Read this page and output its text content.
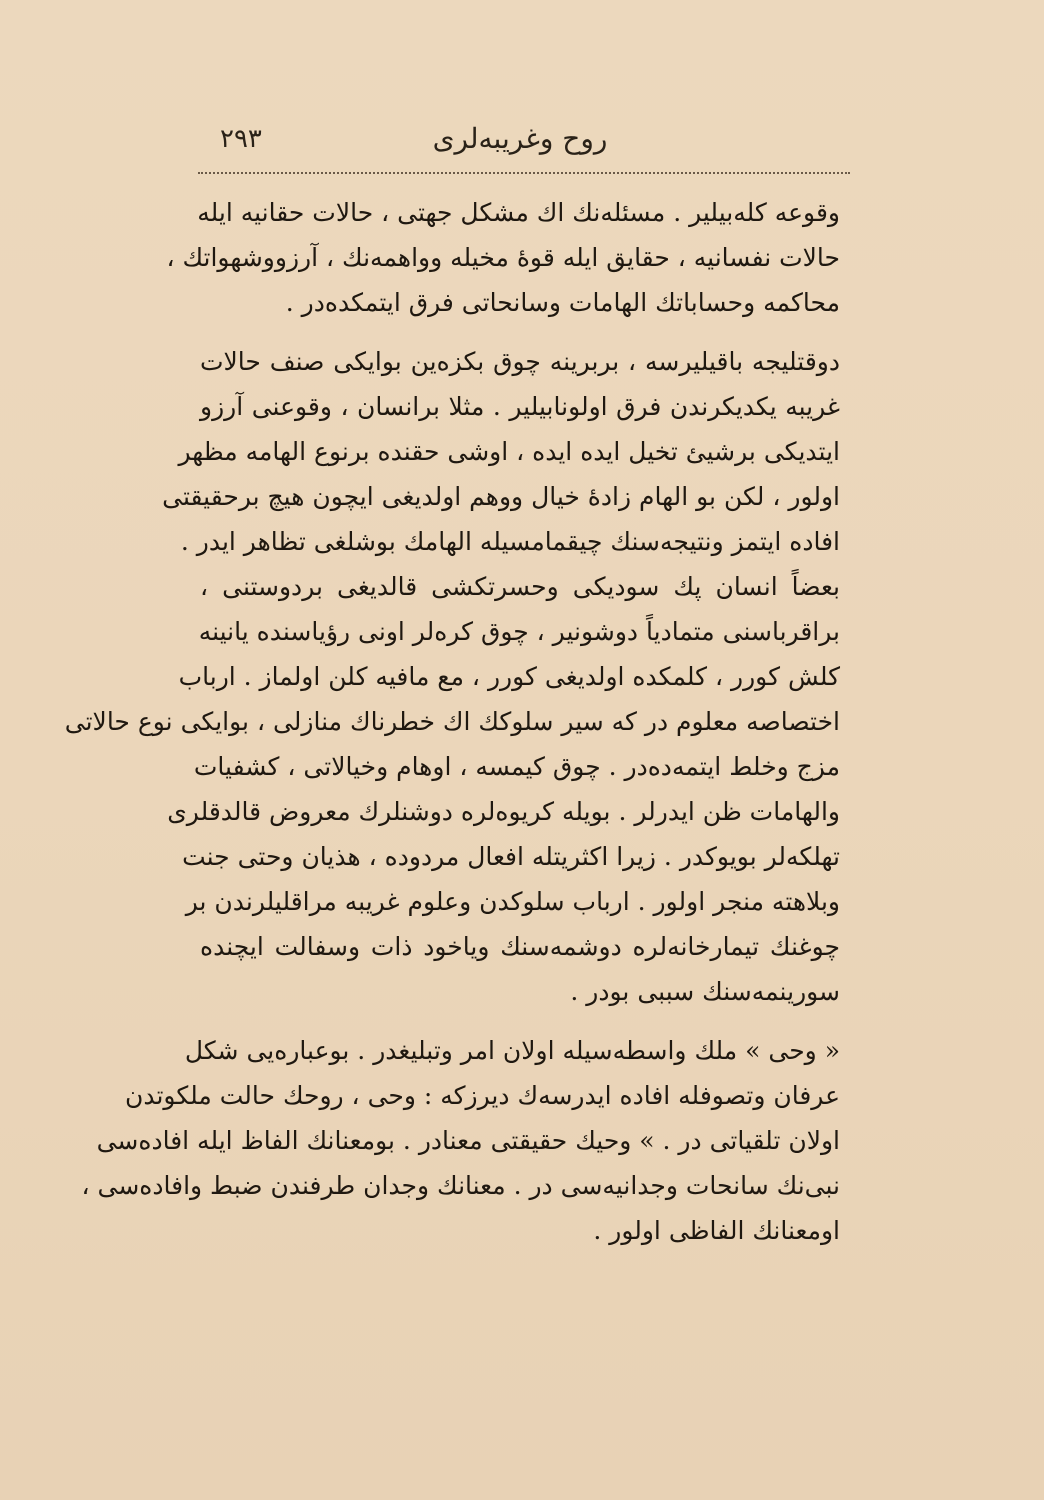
۲۹۳	روح وغریبه‌لری
وقوعه کله‌بیلیر . مسئله‌نك اك مشکل جهتی ، حالات حقانیه ایله
حالات نفسانیه ، حقایق ایله قوهٔ مخیله وواهمه‌نك ، آرزووشهواتك ،
محاکمه وحساباتك الهامات وسانحاتی فرق ایتمکده‌در .
دوقتلیجه باقیلیرسه ، بربرینه چوق بکزه‌ین بوایکی صنف حالات
غریبه یکدیکرندن فرق اولونابیلیر . مثلا برانسان ، وقوعنی آرزو
ایتدیکی برشیئ تخیل ایده ایده ، اوشی حقنده برنوع الهامه مظهر
اولور ، لکن بو الهام زادهٔ خیال ووهم اولدیغی ایچون هیچ برحقیقتی
افاده ایتمز ونتیجه‌سنك چیقمامسیله الهامك بوشلغی تظاهر ایدر .
بعضاً انسان پك سودیکی وحسرتکشی قالدیغی بردوستنی ،
براقرباسنی متمادیاً دوشونیر ، چوق کره‌لر اونی رؤیاسنده یانینه
کلش کورر ، کلمکده اولدیغی کورر ، مع مافیه کلن اولماز . ارباب
اختصاصه معلوم در که سیر سلوکك اك خطرناك منازلی ، بوایکی نوع حالاتی
مزج وخلط ایتمه‌ده‌در . چوق کیمسه ، اوهام وخیالاتی ، کشفیات
والهامات ظن ایدرلر . بویله کریوه‌لره دوشنلرك معروض قالدقلری
تهلکه‌لر بویوکدر . زیرا اکثریتله افعال مردوده ، هذیان وحتی جنت
وبلاهته منجر اولور . ارباب سلوکدن وعلوم غریبه مراقلیلرندن بر
چوغنك تیمارخانه‌لره دوشمه‌سنك ویاخود ذات وسفالت ایچنده
سورینمه‌سنك سببی بودر .
« وحی » ملك واسطه‌سیله اولان امر وتبلیغدر . بوعباره‌یی شکل
عرفان وتصوفله افاده ایدرسه‌ك دیرزکه : وحی ، روحك حالت ملکوتدن
اولان تلقیاتی در . » وحیك حقیقتی معنادر . بومعنانك الفاظ ایله افاده‌سی
نبی‌نك سانحات وجدانیه‌سی در . معنانك وجدان طرفندن ضبط وافاده‌سی ،
اومعنانك الفاظی اولور .
